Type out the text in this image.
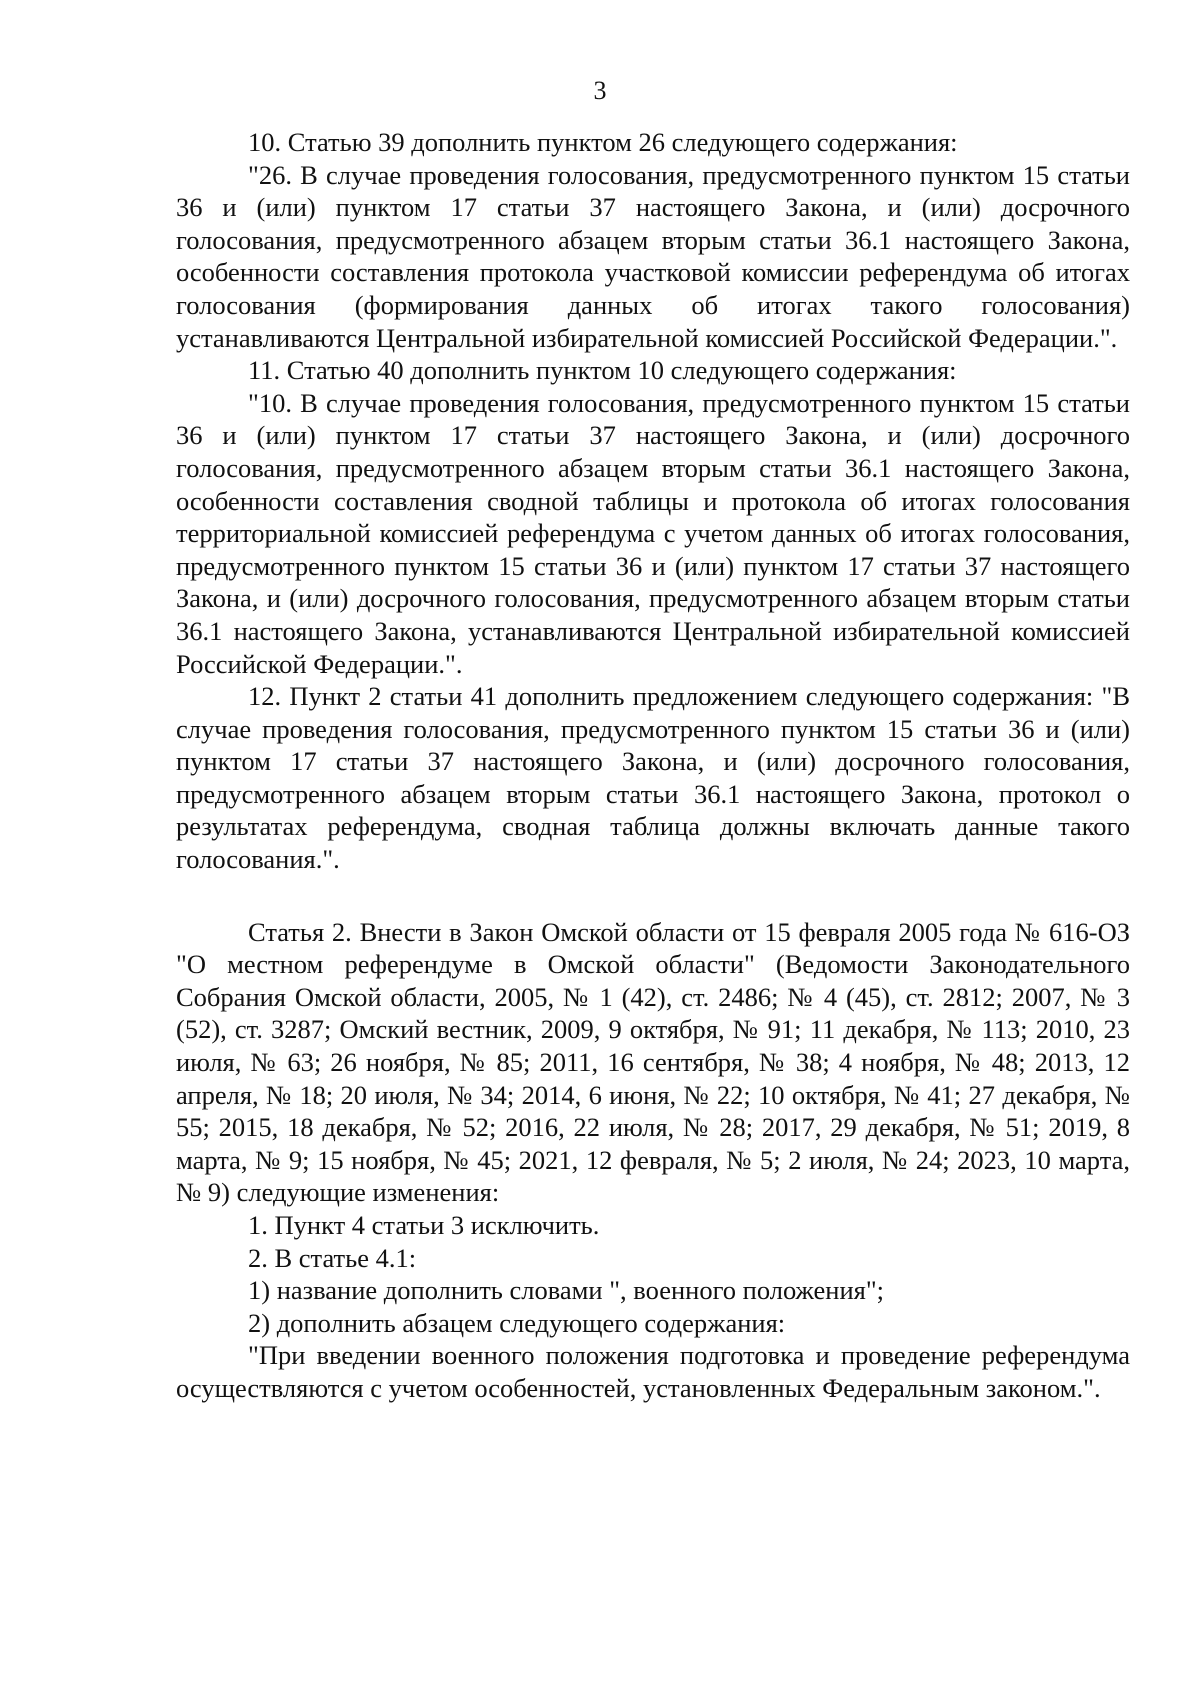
3

10. Статью 39 дополнить пунктом 26 следующего содержания:

"26. В случае проведения голосования, предусмотренного пунктом 15 статьи 36 и (или) пунктом 17 статьи 37 настоящего Закона, и (или) досрочного голосования, предусмотренного абзацем вторым статьи 36.1 настоящего Закона, особенности составления протокола участковой комиссии референдума об итогах голосования (формирования данных об итогах такого голосования) устанавливаются Центральной избирательной комиссией Российской Федерации.".

11. Статью 40 дополнить пунктом 10 следующего содержания:

"10. В случае проведения голосования, предусмотренного пунктом 15 статьи 36 и (или) пунктом 17 статьи 37 настоящего Закона, и (или) досрочного голосования, предусмотренного абзацем вторым статьи 36.1 настоящего Закона, особенности составления сводной таблицы и протокола об итогах голосования территориальной комиссией референдума с учетом данных об итогах голосования, предусмотренного пунктом 15 статьи 36 и (или) пунктом 17 статьи 37 настоящего Закона, и (или) досрочного голосования, предусмотренного абзацем вторым статьи 36.1 настоящего Закона, устанавливаются Центральной избирательной комиссией Российской Федерации.".

12. Пункт 2 статьи 41 дополнить предложением следующего содержания: "В случае проведения голосования, предусмотренного пунктом 15 статьи 36 и (или) пунктом 17 статьи 37 настоящего Закона, и (или) досрочного голосования, предусмотренного абзацем вторым статьи 36.1 настоящего Закона, протокол о результатах референдума, сводная таблица должны включать данные такого голосования.".

Статья 2. Внести в Закон Омской области от 15 февраля 2005 года № 616-ОЗ "О местном референдуме в Омской области" (Ведомости Законодательного Собрания Омской области, 2005, № 1 (42), ст. 2486; № 4 (45), ст. 2812; 2007, № 3 (52), ст. 3287; Омский вестник, 2009, 9 октября, № 91; 11 декабря, № 113; 2010, 23 июля, № 63; 26 ноября, № 85; 2011, 16 сентября, № 38; 4 ноября, № 48; 2013, 12 апреля, № 18; 20 июля, № 34; 2014, 6 июня, № 22; 10 октября, № 41; 27 декабря, № 55; 2015, 18 декабря, № 52; 2016, 22 июля, № 28; 2017, 29 декабря, № 51; 2019, 8 марта, № 9; 15 ноября, № 45; 2021, 12 февраля, № 5; 2 июля, № 24; 2023, 10 марта, № 9) следующие изменения:

1. Пункт 4 статьи 3 исключить.

2. В статье 4.1:

1) название дополнить словами ", военного положения";

2) дополнить абзацем следующего содержания:

"При введении военного положения подготовка и проведение референдума осуществляются с учетом особенностей, установленных Федеральным законом.".
